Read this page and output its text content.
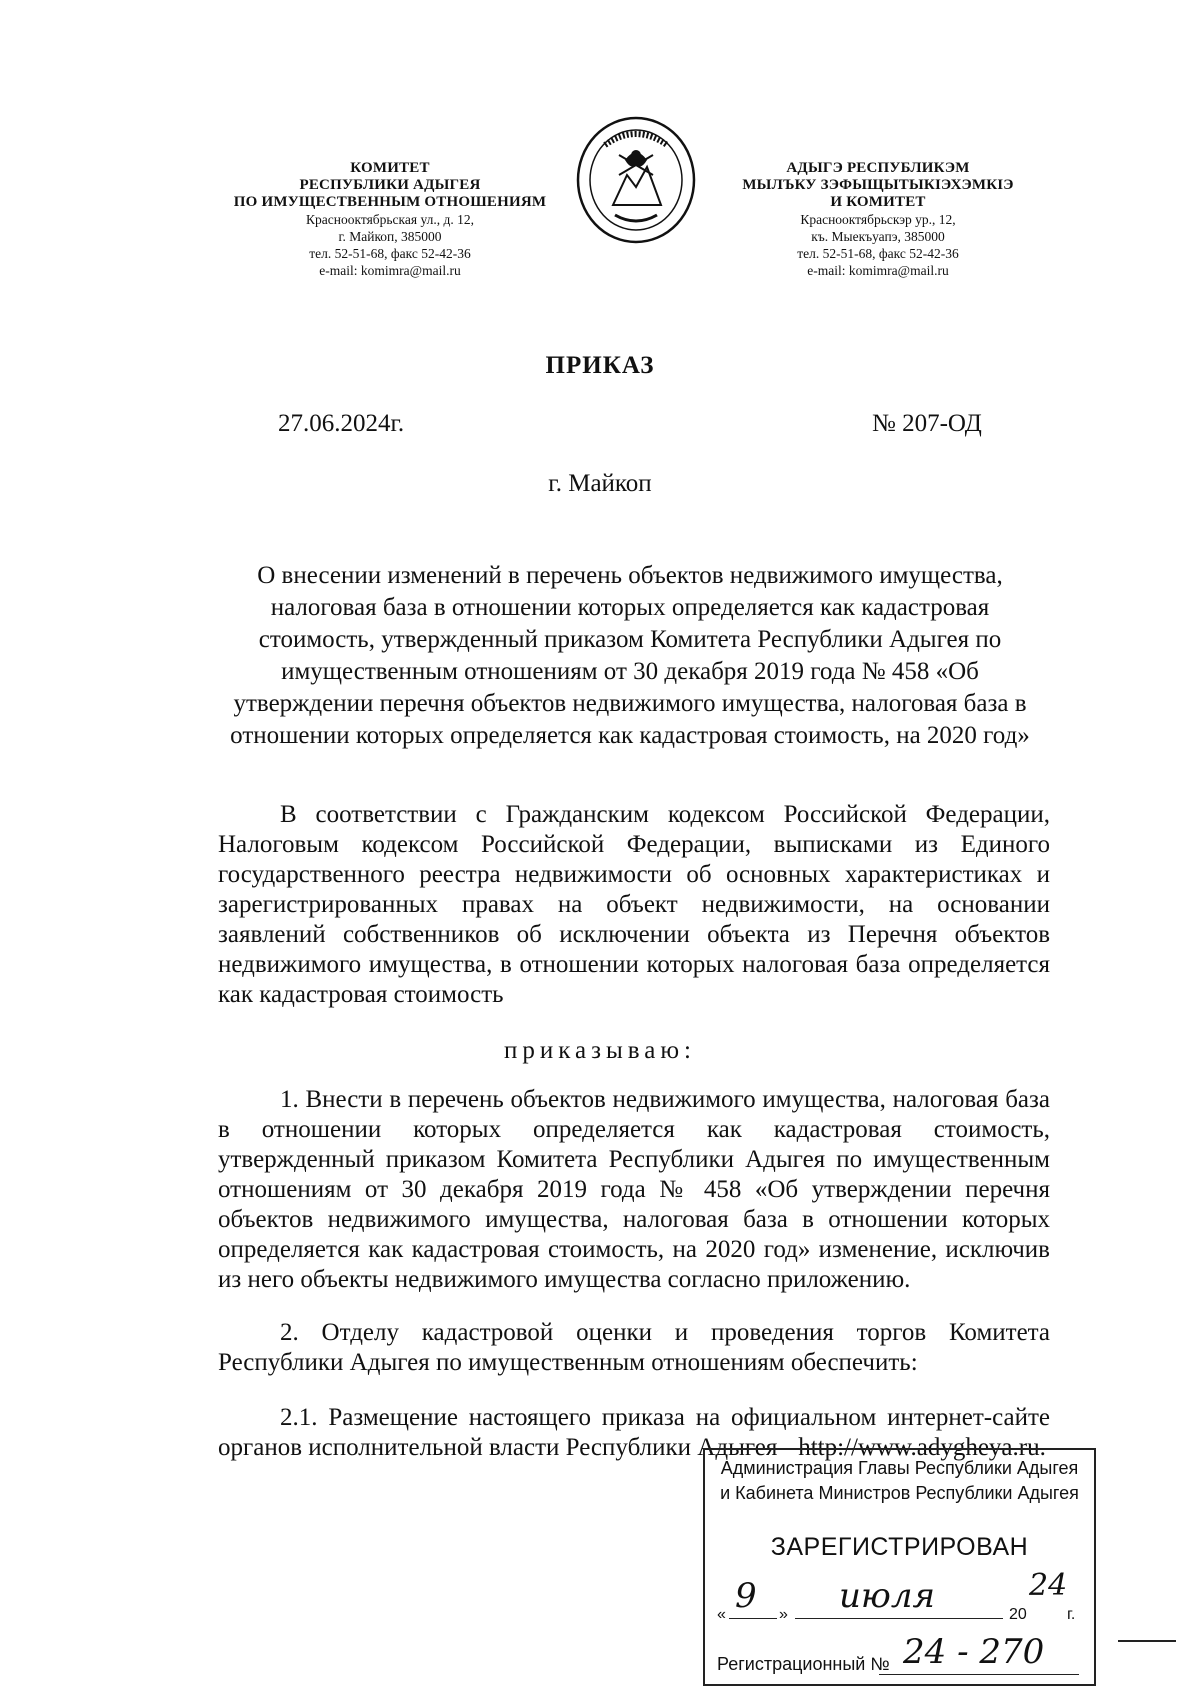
КОМИТЕТ
РЕСПУБЛИКИ АДЫГЕЯ
ПО ИМУЩЕСТВЕННЫМ ОТНОШЕНИЯМ
Краснооктябрьская ул., д. 12,
г. Майкоп, 385000
тел. 52-51-68, факс 52-42-36
e-mail: komimra@mail.ru
АДЫГЭ РЕСПУБЛИКЭМ
МЫЛЪКУ ЗЭФЫЩЫТЫКIЭХЭМКIЭ
И КОМИТЕТ
Краснооктябрьскэр ур., 12,
къ. Мыекъуапэ, 385000
тел. 52-51-68, факс 52-42-36
e-mail: komimra@mail.ru
ПРИКАЗ
27.06.2024г.	№ 207-ОД
г. Майкоп
О внесении изменений в перечень объектов недвижимого имущества, налоговая база в отношении которых определяется как кадастровая стоимость, утвержденный приказом Комитета Республики Адыгея по имущественным отношениям от 30 декабря 2019 года № 458 «Об утверждении перечня объектов недвижимого имущества, налоговая база в отношении которых определяется как кадастровая стоимость, на 2020 год»
В соответствии с Гражданским кодексом Российской Федерации, Налоговым кодексом Российской Федерации, выписками из Единого государственного реестра недвижимости об основных характеристиках и зарегистрированных правах на объект недвижимости, на основании заявлений собственников об исключении объекта из Перечня объектов недвижимого имущества, в отношении которых налоговая база определяется как кадастровая стоимость
приказываю:
1. Внести в перечень объектов недвижимого имущества, налоговая база в отношении которых определяется как кадастровая стоимость, утвержденный приказом Комитета Республики Адыгея по имущественным отношениям от 30 декабря 2019 года № 458 «Об утверждении перечня объектов недвижимого имущества, налоговая база в отношении которых определяется как кадастровая стоимость, на 2020 год» изменение, исключив из него объекты недвижимого имущества согласно приложению.
2. Отделу кадастровой оценки и проведения торгов Комитета Республики Адыгея по имущественным отношениям обеспечить:
2.1. Размещение настоящего приказа на официальном интернет-сайте органов исполнительной власти Республики Адыгея - http://www.adygheya.ru.
Администрация Главы Республики Адыгея
и Кабинета Министров Республики Адыгея
ЗАРЕГИСТРИРОВАН
« 9 » июля	20
24
г.
Регистрационный № 24 - 270
